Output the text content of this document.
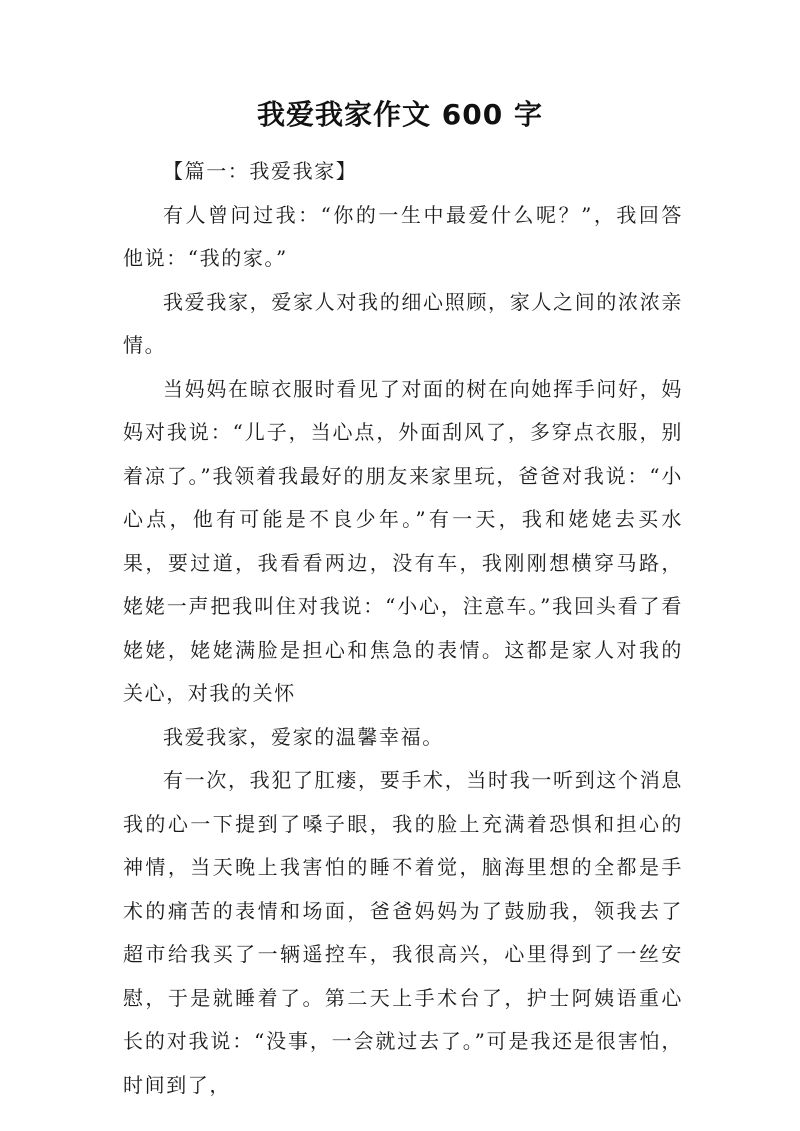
我爱我家作文 600 字

【篇一：我爱我家】

有人曾问过我：“你的一生中最爱什么呢？”，我回答他说：“我的家。”

我爱我家，爱家人对我的细心照顾，家人之间的浓浓亲情。

当妈妈在晾衣服时看见了对面的树在向她挥手问好，妈妈对我说：“儿子，当心点，外面刮风了，多穿点衣服，别着凉了。”我领着我最好的朋友来家里玩，爸爸对我说：“小心点，他有可能是不良少年。”有一天，我和姥姥去买水果，要过道，我看看两边，没有车，我刚刚想横穿马路，姥姥一声把我叫住对我说：“小心，注意车。”我回头看了看姥姥，姥姥满脸是担心和焦急的表情。这都是家人对我的关心，对我的关怀

我爱我家，爱家的温馨幸福。

有一次，我犯了肛瘘，要手术，当时我一听到这个消息我的心一下提到了嗓子眼，我的脸上充满着恐惧和担心的神情，当天晚上我害怕的睡不着觉，脑海里想的全都是手术的痛苦的表情和场面，爸爸妈妈为了鼓励我，领我去了超市给我买了一辆遥控车，我很高兴，心里得到了一丝安慰，于是就睡着了。第二天上手术台了，护士阿姨语重心长的对我说：“没事，一会就过去了。”可是我还是很害怕，时间到了，
